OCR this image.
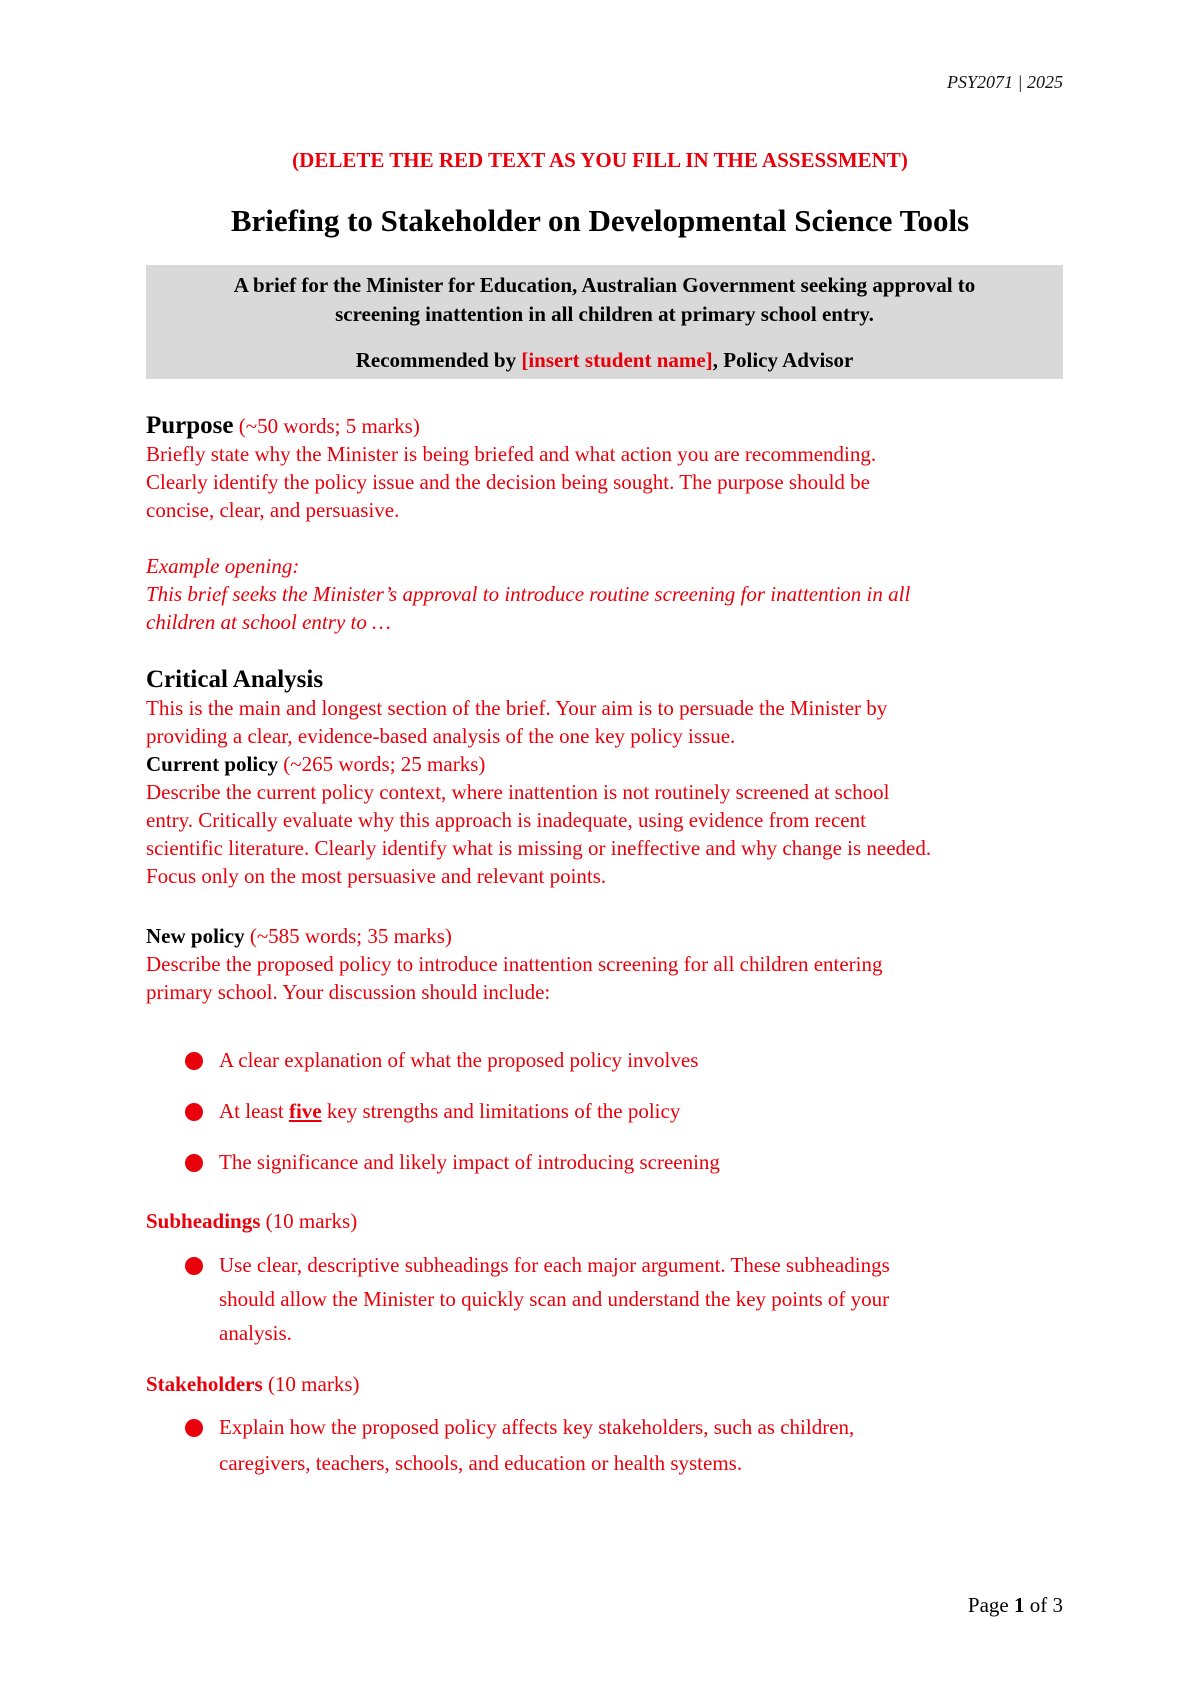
PSY2071 | 2025
(DELETE THE RED TEXT AS YOU FILL IN THE ASSESSMENT)
Briefing to Stakeholder on Developmental Science Tools
A brief for the Minister for Education, Australian Government seeking approval to
screening inattention in all children at primary school entry.
Recommended by [insert student name], Policy Advisor
Purpose (~50 words; 5 marks)
Briefly state why the Minister is being briefed and what action you are recommending.
Clearly identify the policy issue and the decision being sought. The purpose should be
concise, clear, and persuasive.
Example opening:
This brief seeks the Minister’s approval to introduce routine screening for inattention in all
children at school entry to …
Critical Analysis
This is the main and longest section of the brief. Your aim is to persuade the Minister by
providing a clear, evidence-based analysis of the one key policy issue.
Current policy (~265 words; 25 marks)
Describe the current policy context, where inattention is not routinely screened at school
entry. Critically evaluate why this approach is inadequate, using evidence from recent
scientific literature. Clearly identify what is missing or ineffective and why change is needed.
Focus only on the most persuasive and relevant points.
New policy (~585 words; 35 marks)
Describe the proposed policy to introduce inattention screening for all children entering
primary school. Your discussion should include:
A clear explanation of what the proposed policy involves
At least five key strengths and limitations of the policy
The significance and likely impact of introducing screening
Subheadings (10 marks)
Use clear, descriptive subheadings for each major argument. These subheadings
should allow the Minister to quickly scan and understand the key points of your
analysis.
Stakeholders (10 marks)
Explain how the proposed policy affects key stakeholders, such as children,
caregivers, teachers, schools, and education or health systems.
Page 1 of 3
